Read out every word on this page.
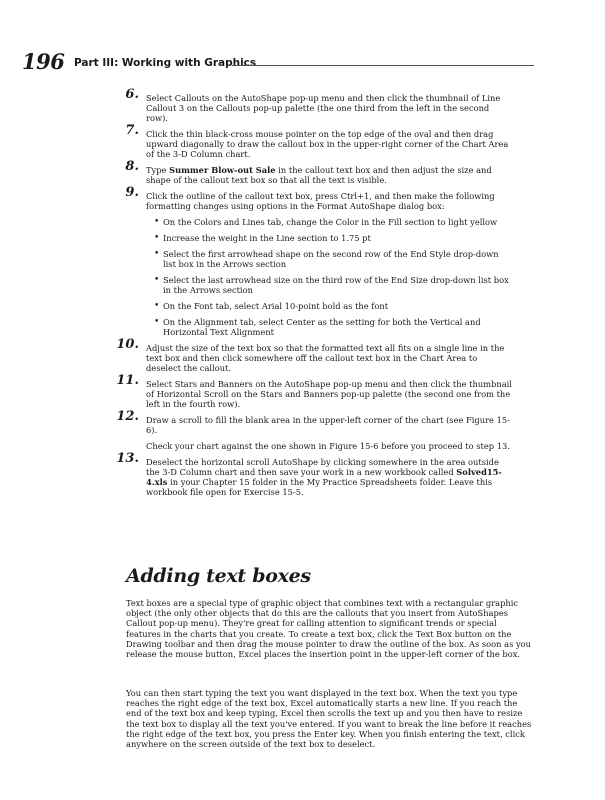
196 Part III: Working with Graphics
6. Select Callouts on the AutoShape pop-up menu and then click the thumbnail of Line Callout 3 on the Callouts pop-up palette (the one third from the left in the second row).
7. Click the thin black-cross mouse pointer on the top edge of the oval and then drag upward diagonally to draw the callout box in the upper-right corner of the Chart Area of the 3-D Column chart.
8. Type Summer Blow-out Sale in the callout text box and then adjust the size and shape of the callout text box so that all the text is visible.
9. Click the outline of the callout text box, press Ctrl+1, and then make the following formatting changes using options in the Format AutoShape dialog box:
• On the Colors and Lines tab, change the Color in the Fill section to light yellow
• Increase the weight in the Line section to 1.75 pt
• Select the first arrowhead shape on the second row of the End Style drop-down list box in the Arrows section
• Select the last arrowhead size on the third row of the End Size drop-down list box in the Arrows section
• On the Font tab, select Arial 10-point bold as the font
• On the Alignment tab, select Center as the setting for both the Vertical and Horizontal Text Alignment
10. Adjust the size of the text box so that the formatted text all fits on a single line in the text box and then click somewhere off the callout text box in the Chart Area to deselect the callout.
11. Select Stars and Banners on the AutoShape pop-up menu and then click the thumbnail of Horizontal Scroll on the Stars and Banners pop-up palette (the second one from the left in the fourth row).
12. Draw a scroll to fill the blank area in the upper-left corner of the chart (see Figure 15-6).
Check your chart against the one shown in Figure 15-6 before you proceed to step 13.
13. Deselect the horizontal scroll AutoShape by clicking somewhere in the area outside the 3-D Column chart and then save your work in a new workbook called Solved15-4.xls in your Chapter 15 folder in the My Practice Spreadsheets folder. Leave this workbook file open for Exercise 15-5.
Adding text boxes
Text boxes are a special type of graphic object that combines text with a rectangular graphic object (the only other objects that do this are the callouts that you insert from AutoShapes Callout pop-up menu). They're great for calling attention to significant trends or special features in the charts that you create. To create a text box, click the Text Box button on the Drawing toolbar and then drag the mouse pointer to draw the outline of the box. As soon as you release the mouse button, Excel places the insertion point in the upper-left corner of the box.
You can then start typing the text you want displayed in the text box. When the text you type reaches the right edge of the text box, Excel automatically starts a new line. If you reach the end of the text box and keep typing, Excel then scrolls the text up and you then have to resize the text box to display all the text you've entered. If you want to break the line before it reaches the right edge of the text box, you press the Enter key. When you finish entering the text, click anywhere on the screen outside of the text box to deselect.
